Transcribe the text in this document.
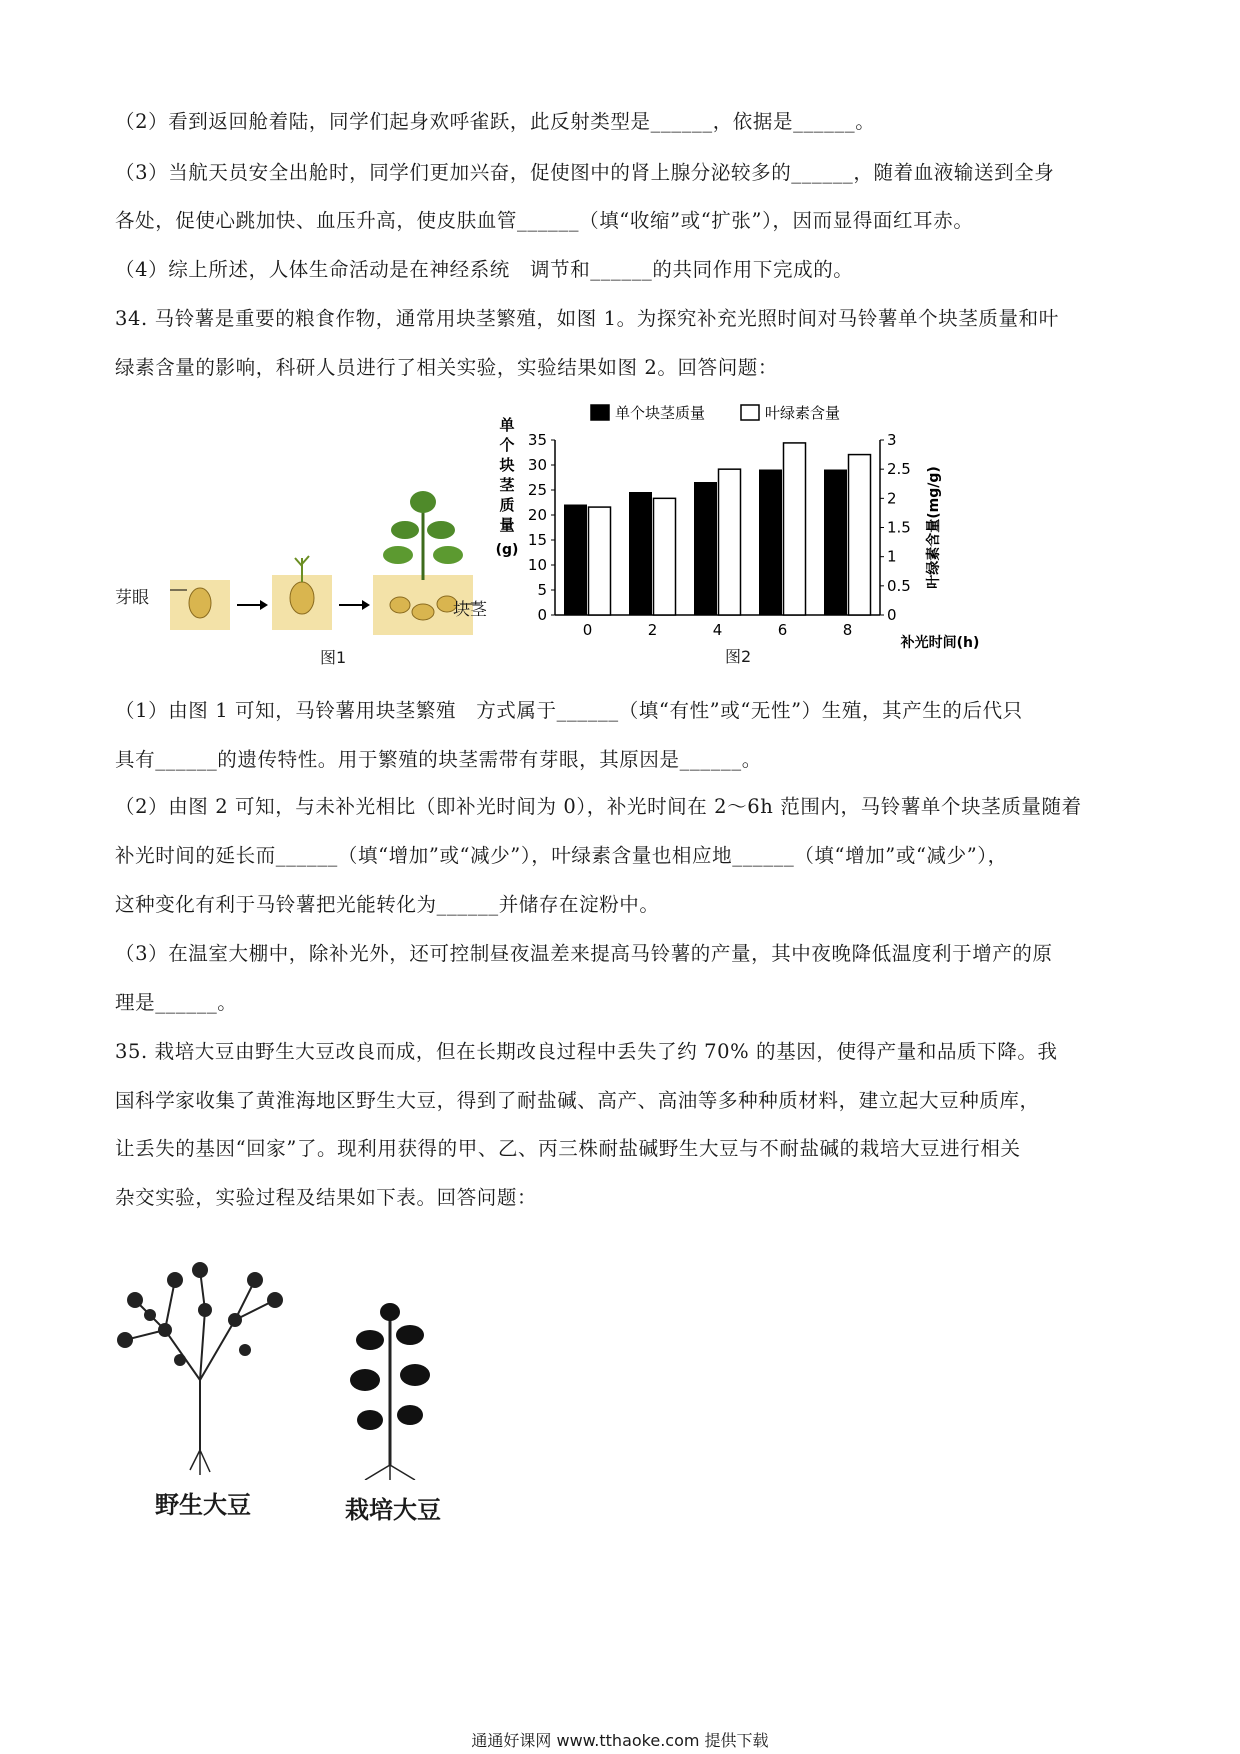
（2）看到返回舱着陆，同学们起身欢呼雀跃，此反射类型是______，依据是______。
（3）当航天员安全出舱时，同学们更加兴奋，促使图中的肾上腺分泌较多的______，随着血液输送到全身
各处，促使心跳加快、血压升高，使皮肤血管______（填“收缩”或“扩张”），因而显得面红耳赤。
（4）综上所述，人体生命活动是在神经系统　调节和______的共同作用下完成的。
34. 马铃薯是重要的粮食作物，通常用块茎繁殖，如图 1。为探究补充光照时间对马铃薯单个块茎质量和叶
绿素含量的影响，科研人员进行了相关实验，实验结果如图 2。回答问题：
芽眼
块茎
图1
0
5
10
15
20
25
30
35
0
0.5
1
1.5
2
2.5
3
0	2	4	6	8
补光时间(h)
单
个
块
茎
质
量
(g)	叶绿素含量(mg/g)
单个块茎质量	叶绿素含量
图2
（1）由图 1 可知，马铃薯用块茎繁殖　方式属于______（填“有性”或“无性”）生殖，其产生的后代只
具有______的遗传特性。用于繁殖的块茎需带有芽眼，其原因是______。
（2）由图 2 可知，与未补光相比（即补光时间为 0），补光时间在 2～6h 范围内，马铃薯单个块茎质量随着
补光时间的延长而______（填“增加”或“减少”），叶绿素含量也相应地______（填“增加”或“减少”），
这种变化有利于马铃薯把光能转化为______并储存在淀粉中。
（3）在温室大棚中，除补光外，还可控制昼夜温差来提高马铃薯的产量，其中夜晚降低温度利于增产的原
理是______。
35. 栽培大豆由野生大豆改良而成，但在长期改良过程中丢失了约 70% 的基因，使得产量和品质下降。我
国科学家收集了黄淮海地区野生大豆，得到了耐盐碱、高产、高油等多种种质材料，建立起大豆种质库，
让丢失的基因“回家”了。现利用获得的甲、乙、丙三株耐盐碱野生大豆与不耐盐碱的栽培大豆进行相关
杂交实验，实验过程及结果如下表。回答问题：
野生大豆	栽培大豆
通通好课网 www.tthaoke.com 提供下载
